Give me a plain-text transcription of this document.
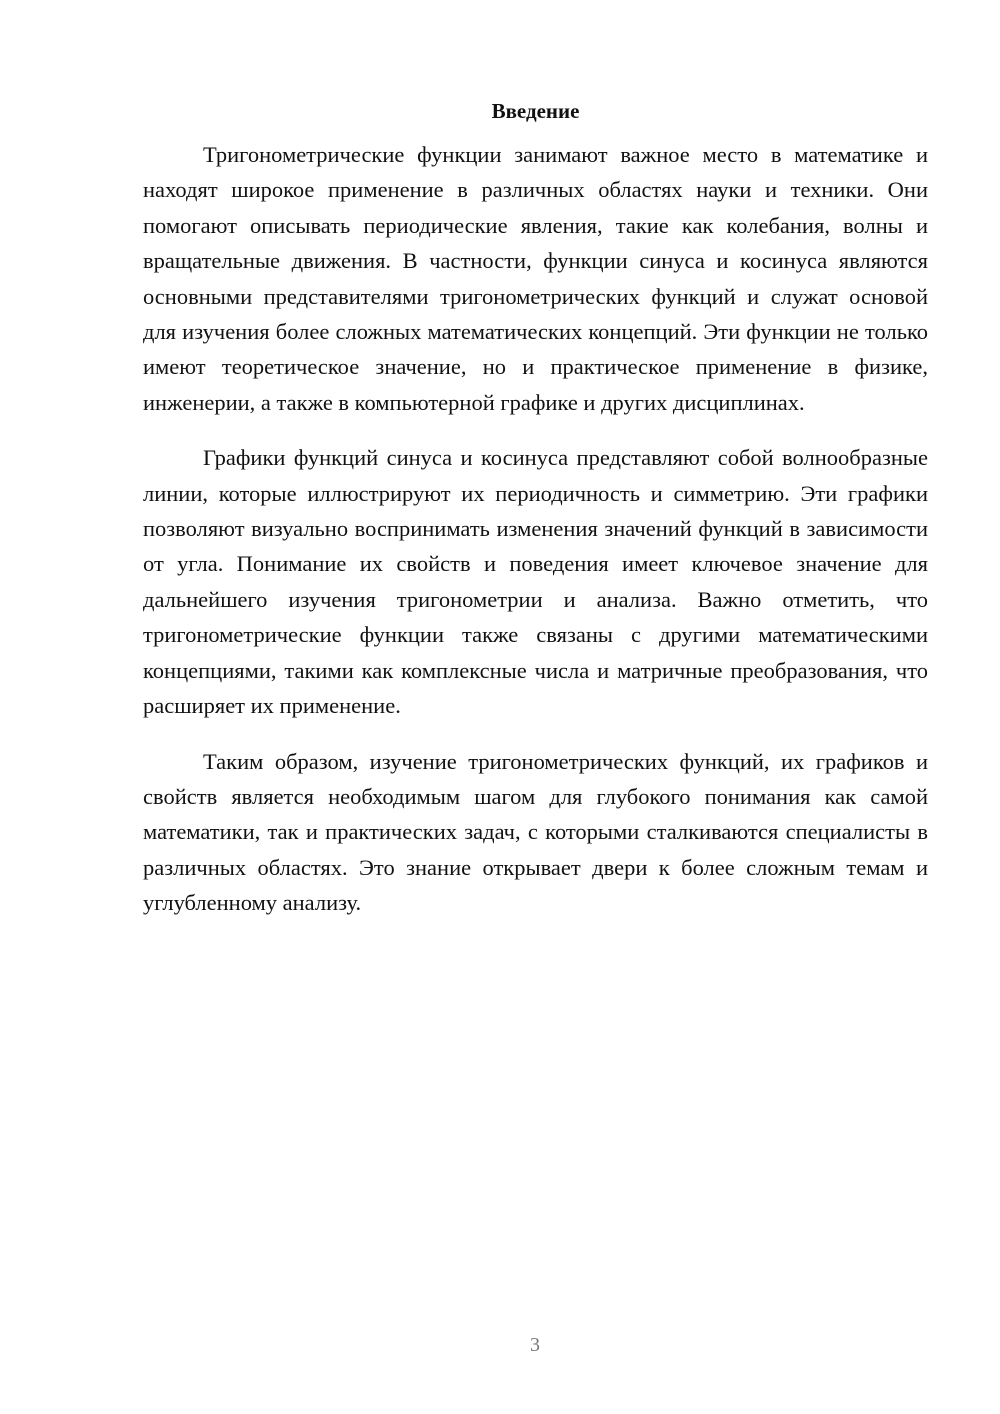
Введение

Тригонометрические функции занимают важное место в математике и находят широкое применение в различных областях науки и техники. Они помогают описывать периодические явления, такие как колебания, волны и вращательные движения. В частности, функции синуса и косинуса являются основными представителями тригонометрических функций и служат основой для изучения более сложных математических концепций. Эти функции не только имеют теоретическое значение, но и практическое применение в физике, инженерии, а также в компьютерной графике и других дисциплинах.

Графики функций синуса и косинуса представляют собой волнообразные линии, которые иллюстрируют их периодичность и симметрию. Эти графики позволяют визуально воспринимать изменения значений функций в зависимости от угла. Понимание их свойств и поведения имеет ключевое значение для дальнейшего изучения тригонометрии и анализа. Важно отметить, что тригонометрические функции также связаны с другими математическими концепциями, такими как комплексные числа и матричные преобразования, что расширяет их применение.

Таким образом, изучение тригонометрических функций, их графиков и свойств является необходимым шагом для глубокого понимания как самой математики, так и практических задач, с которыми сталкиваются специалисты в различных областях. Это знание открывает двери к более сложным темам и углубленному анализу.

3
